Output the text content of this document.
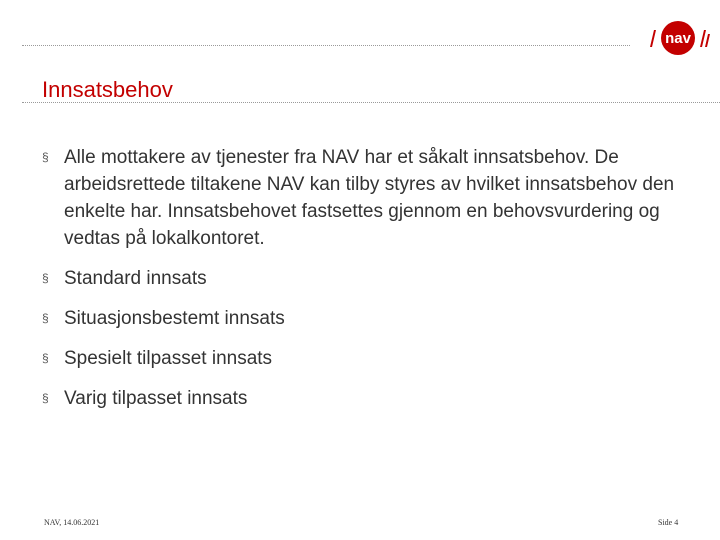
nav
Innsatsbehov
§ Alle mottakere av tjenester fra NAV har et såkalt innsatsbehov. De arbeidsrettede tiltakene NAV kan tilby styres av hvilket innsatsbehov den enkelte har. Innsatsbehovet fastsettes gjennom en behovsvurdering og vedtas på lokalkontoret.
§ Standard innsats
§ Situasjonsbestemt innsats
§ Spesielt tilpasset innsats
§ Varig tilpasset innsats
NAV, 14.06.2021	Side 4
